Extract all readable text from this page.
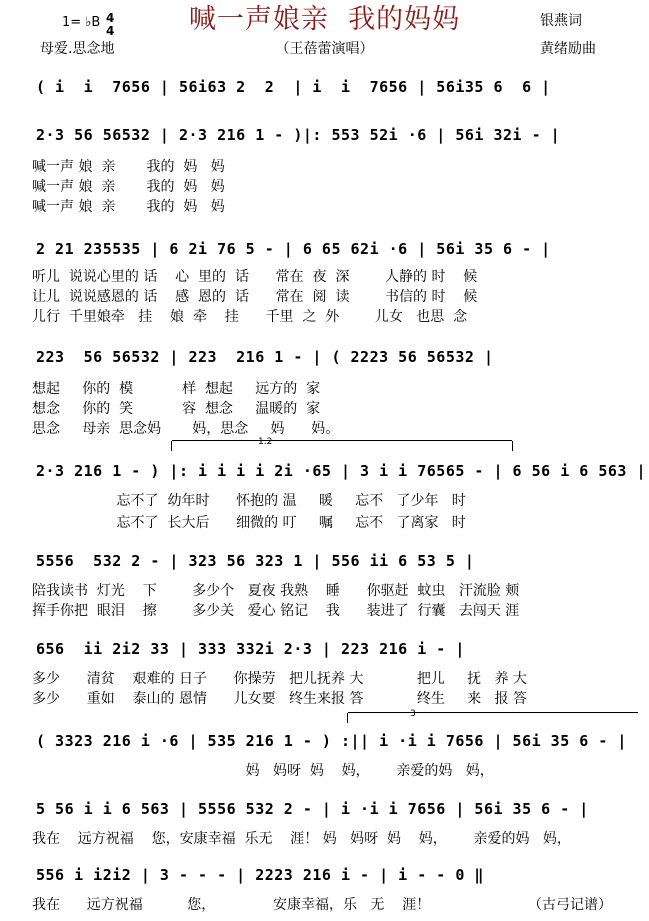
喊一声娘亲  我的妈妈
1= ♭B 4
4
母爱.思念地	（王蓓蕾演唱）
银燕词
黄绪励曲
( i  i  7656 | 56i63 2  2  | i  i  7656 | 56i35 6  6 |
2·3 56 56532 | 2·3 216 1 - )|: 553 52i ·6 | 56i 32i - |
喊一声 娘  亲       我的  妈   妈
喊一声 娘  亲       我的  妈   妈
喊一声 娘  亲       我的  妈   妈
2 21 235535 | 6 2i 76 5 - | 6 65 62i ·6 | 56i 35 6 - |
听儿  说说心里的 话    心  里的  话      常在  夜  深        人静的 时    候
让儿  说说感恩的 话    感  恩的  话      常在  阅  读        书信的 时    候
儿行  千里娘牵   挂    娘  牵    挂      千里  之  外        儿女   也思  念
223  56 56532 | 223  216 1 - | ( 2223 56 56532 |
想起     你的  模           样  想起     远方的  家
想念     你的  笑           容  想念     温暖的  家
思念     母亲  思念妈       妈，思念     妈      妈。
1.2
2·3 216 1 - ) |: i i i i 2i ·65 | 3 i i 76565 - | 6 56 i 6 563 |
忘不了  幼年时      怀抱的 温     暖     忘不   了少年   时
忘不了  长大后      细微的 叮     嘱     忘不   了离家   时
5556  532 2 - | 323 56 323 1 | 556 ii 6 53 5 |
陪我读书  灯光    下        多少个   夏夜 我熟    睡      你驱赶  蚊虫   汗流脸 颊
挥手你把  眼泪    擦        多少关   爱心 铭记    我      装进了  行囊   去闯天 涯
656  ii 2i2 33 | 333 332i 2·3 | 223 216 i - |
多少      清贫    艰难的 日子      你操劳   把儿抚养 大            把儿     抚   养 大
多少      重如    泰山的 恩情      儿女要   终生来报 答            终生     来   报 答
3
( 3323 216 i ·6 | 535 216 1 - ) :|| i ·i i 7656 | 56i 35 6 - |
妈   妈呀  妈    妈，      亲爱的妈   妈，
5 56 i i 6 563 | 5556 532 2 - | i ·i i 7656 | 56i 35 6 - |
我在    远方祝福    您，安康幸福  乐无    涯！ 妈   妈呀  妈    妈，      亲爱的妈   妈，
556 i i2i2 | 3 - - - | 2223 216 i - | i - - 0 ‖
我在      远方祝福          您，             安康幸福，乐   无    涯！	（古弓记谱）
